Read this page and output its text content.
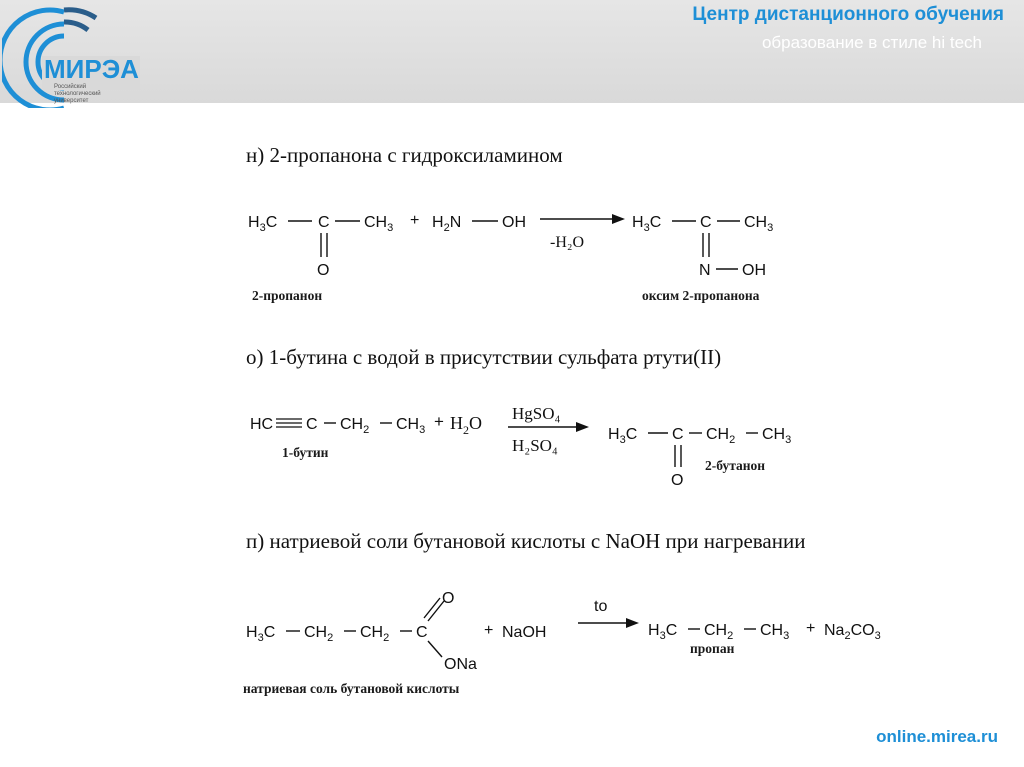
МИРЭА
Российский
технологический
университет
Центр дистанционного обучения
образование в стиле hi tech
н) 2-пропанона с гидроксиламином
$H_3C$	C $CH_3$
O
+ $H_2N$	OH
-H₂O
$H_3C$ C $CH_3$
N OH
2-пропанон	оксим 2-пропанона
о) 1-бутина с водой в присутствии сульфата ртути(II)
HC C $CH_2$ $CH_3 + H_2O$ HgSO₄
H₂SO₄
$H_3C$ C $CH_2$ $CH_3$
O
1-бутин
2-бутанон
п) натриевой соли бутановой кислоты с NaOH при нагревании
$H_3C$ $CH_2$ $CH_2$ C
O
ONa
+ NaOH
to
$H_3C$ $CH_2$ $CH_3 + Na_2CO_3$
натриевая соль бутановой кислоты
пропан
online.mirea.ru
